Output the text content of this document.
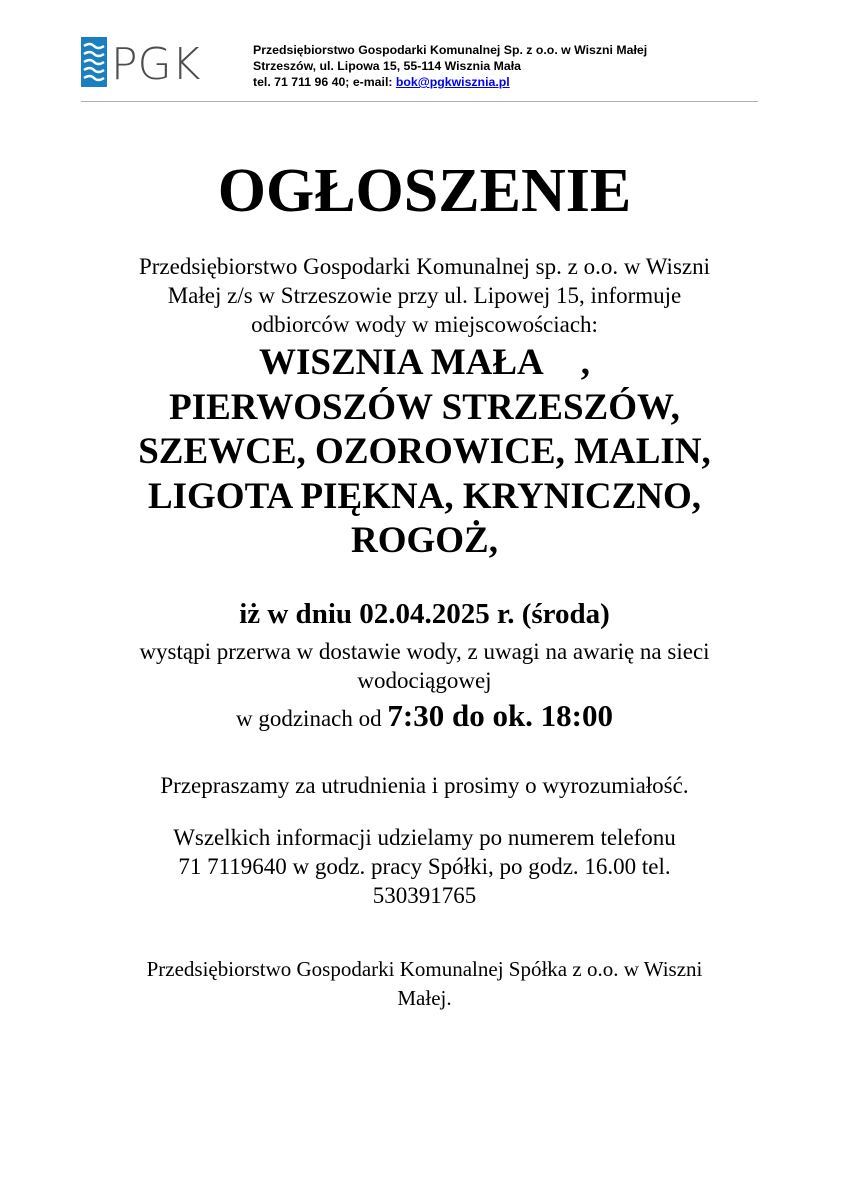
PGK	Przedsiębiorstwo Gospodarki Komunalnej Sp. z o.o. w Wiszni Małej
Strzeszów, ul. Lipowa 15, 55-114 Wisznia Mała
tel. 71 711 96 40; e-mail: bok@pgkwisznia.pl
OGŁOSZENIE
Przedsiębiorstwo Gospodarki Komunalnej sp. z o.o. w Wiszni
Małej z/s w Strzeszowie przy ul. Lipowej 15, informuje
odbiorców wody w miejscowościach:
WISZNIA MAŁA    ,
PIERWOSZÓW STRZESZÓW,
SZEWCE, OZOROWICE, MALIN,
LIGOTA PIĘKNA, KRYNICZNO,
ROGOŻ,
iż w dniu 02.04.2025 r. (środa)
wystąpi przerwa w dostawie wody, z uwagi na awarię na sieci
wodociągowej
w godzinach od 7:30 do ok. 18:00
Przepraszamy za utrudnienia i prosimy o wyrozumiałość.
Wszelkich informacji udzielamy po numerem telefonu
71 7119640 w godz. pracy Spółki, po godz. 16.00 tel.
530391765
Przedsiębiorstwo Gospodarki Komunalnej Spółka z o.o. w Wiszni
Małej.
